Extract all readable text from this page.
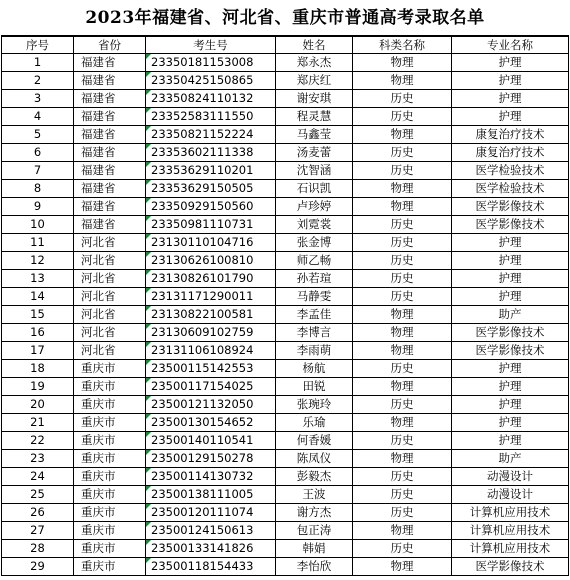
2023年福建省、河北省、重庆市普通高考录取名单
序号	省份	考生号	姓名	科类名称	专业名称
1	福建省	23350181153008	郑永杰	物理	护理
2	福建省	23350425150865	郑庆红	物理	护理
3	福建省	23350824110132	谢安琪	历史	护理
4	福建省	23352583111550	程灵慧	历史	护理
5	福建省	23350821152224	马鑫莹	物理	康复治疗技术
6	福建省	23353602111338	汤麦蕾	历史	康复治疗技术
7	福建省	23353629110201	沈智涵	历史	医学检验技术
8	福建省	23353629150505	石识凯	物理	医学检验技术
9	福建省	23350929150560	卢珍婷	物理	医学影像技术
10	福建省	23350981110731	刘霓裳	历史	医学影像技术
11	河北省	23130110104716	张金博	历史	护理
12	河北省	23130626100810	师乙畅	历史	护理
13	河北省	23130826101790	孙若瑄	历史	护理
14	河北省	23131171290011	马静雯	历史	护理
15	河北省	23130822100581	李孟佳	物理	助产
16	河北省	23130609102759	李博言	物理	医学影像技术
17	河北省	23131106108924	李雨萌	物理	医学影像技术
18	重庆市	23500115142553	杨航	历史	护理
19	重庆市	23500117154025	田锐	物理	护理
20	重庆市	23500121132050	张琬玲	历史	护理
21	重庆市	23500130154652	乐瑜	物理	护理
22	重庆市	23500140110541	何香媛	历史	护理
23	重庆市	23500129150278	陈凤仪	物理	助产
24	重庆市	23500114130732	彭毅杰	历史	动漫设计
25	重庆市	23500138111005	王波	历史	动漫设计
26	重庆市	23500120111074	谢方杰	历史	计算机应用技术
27	重庆市	23500124150613	包正涛	物理	计算机应用技术
28	重庆市	23500133141826	韩娟	历史	计算机应用技术
29	重庆市	23500118154433	李怡欣	物理	医学影像技术
